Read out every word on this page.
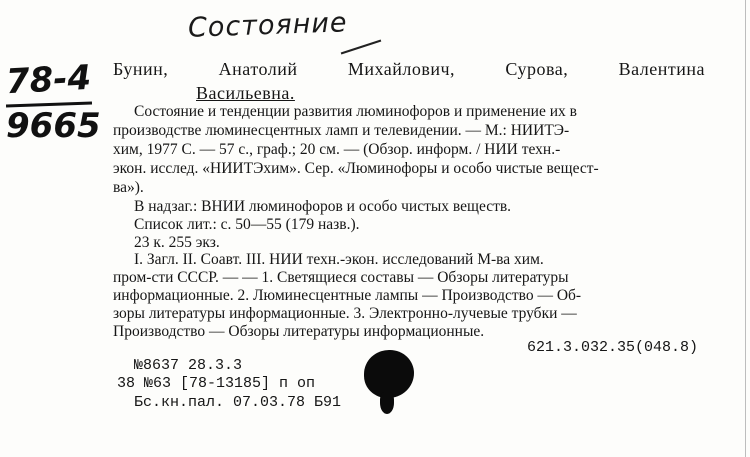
Состояние
78-4
9665
Бунин, Анатолий Михайлович, Сурова, Валентина
Васильевна.
Состояние и тенденции развития люминофоров и применение их в
производстве люминесцентных ламп и телевидении. — М.: НИИТЭ-
хим, 1977 С. — 57 с., граф.; 20 см. — (Обзор. информ. / НИИ техн.-
экон. исслед. «НИИТЭхим». Сер. «Люминофоры и особо чистые вещест-
ва»).
В надзаг.: ВНИИ люминофоров и особо чистых веществ.
Список лит.: с. 50—55 (179 назв.).
23 к. 255 экз.
I. Загл. II. Соавт. III. НИИ техн.-экон. исследований М-ва хим.
пром-сти СССР. — — 1. Светящиеся составы — Обзоры литературы
информационные. 2. Люминесцентные лампы — Производство — Об-
зоры литературы информационные. 3. Электронно-лучевые трубки —
Производство — Обзоры литературы информационные.
621.3.032.35(048.8)
№8637 28.3.3
38 №63 [78-13185] п оп
Бс.кн.пал. 07.03.78 Б91
